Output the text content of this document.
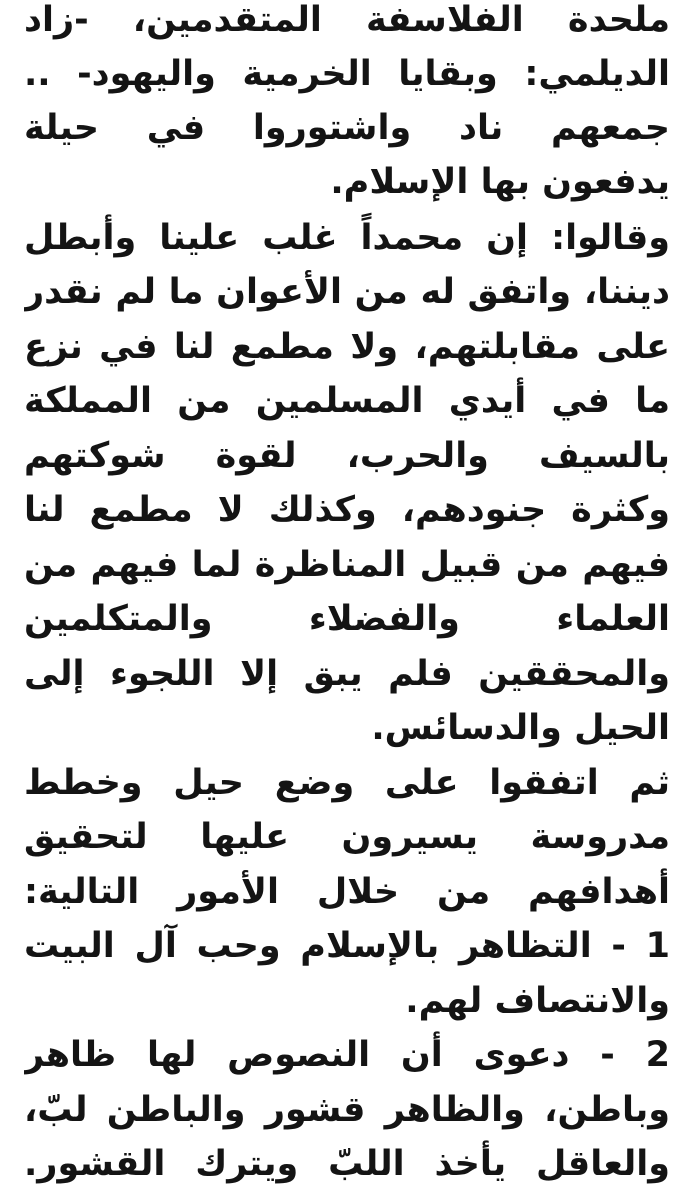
ملحدة الفلاسفة المتقدمين، -زاد
الديلمي: وبقايا الخرمية واليهود- ..
جمعهم ناد واشتوروا في حيلة
يدفعون بها الإسلام.
وقالوا: إن محمداً غلب علينا وأبطل
ديننا، واتفق له من الأعوان ما لم نقدر
على مقابلتهم، ولا مطمع لنا في نزع
ما في أيدي المسلمين من المملكة
بالسيف والحرب، لقوة شوكتهم
وكثرة جنودهم، وكذلك لا مطمع لنا
فيهم من قبيل المناظرة لما فيهم من
العلماء والفضلاء والمتكلمين
والمحققين فلم يبق إلا اللجوء إلى
الحيل والدسائس.
ثم اتفقوا على وضع حيل وخطط
مدروسة يسيرون عليها لتحقيق
أهدافهم من خلال الأمور التالية:
1 - التظاهر بالإسلام وحب آل البيت
والانتصاف لهم.
2 - دعوى أن النصوص لها ظاهر
وباطن، والظاهر قشور والباطن لبّ،
والعاقل يأخذ اللبّ ويترك القشور.
